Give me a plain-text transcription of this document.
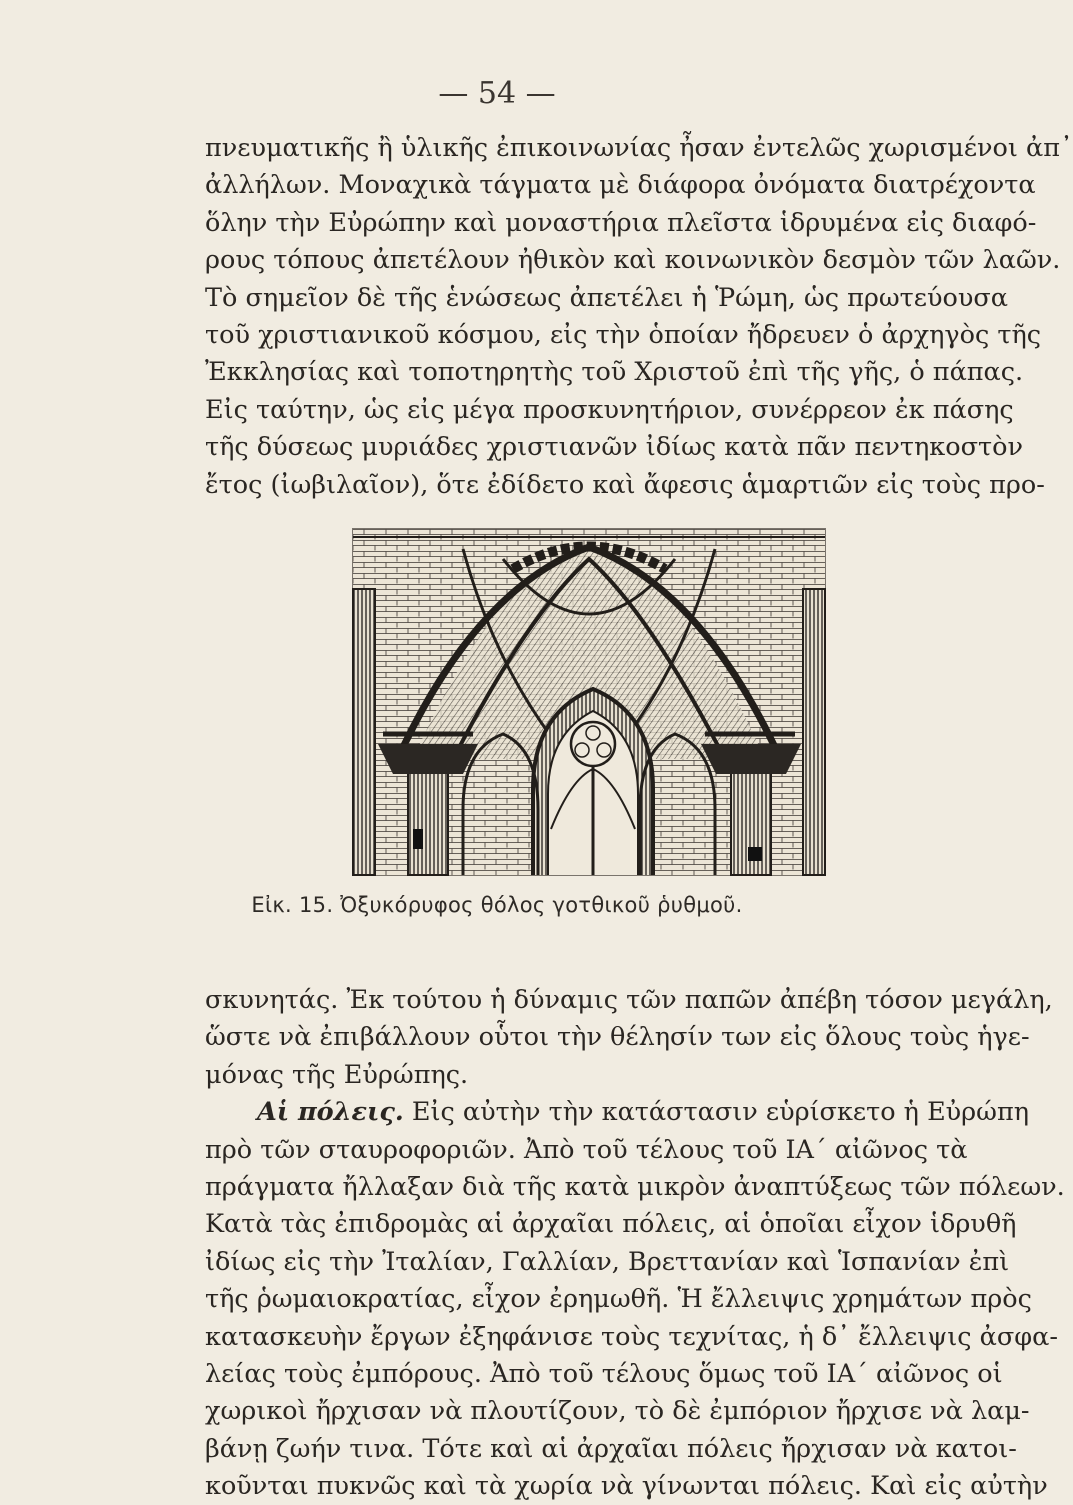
— 54 —
πνευματικῆς ἢ ὑλικῆς ἐπικοινωνίας ἦσαν ἐντελῶς χωρισμένοι ἀπ᾿
ἀλλήλων. Μοναχικὰ τάγματα μὲ διάφορα ὀνόματα διατρέχοντα
ὅλην τὴν Εὐρώπην καὶ μοναστήρια πλεῖστα ἱδρυμένα εἰς διαφό-
ρους τόπους ἀπετέλουν ἠθικὸν καὶ κοινωνικὸν δεσμὸν τῶν λαῶν.
Τὸ σημεῖον δὲ τῆς ἑνώσεως ἀπετέλει ἡ Ῥώμη, ὡς πρωτεύουσα
τοῦ χριστιανικοῦ κόσμου, εἰς τὴν ὁποίαν ἤδρευεν ὁ ἀρχηγὸς τῆς
Ἐκκλησίας καὶ τοποτηρητὴς τοῦ Χριστοῦ ἐπὶ τῆς γῆς, ὁ πάπας.
Εἰς ταύτην, ὡς εἰς μέγα προσκυνητήριον, συνέρρεον ἐκ πάσης
τῆς δύσεως μυριάδες χριστιανῶν ἰδίως κατὰ πᾶν πεντηκοστὸν
ἔτος (ἰωβιλαῖον), ὅτε ἐδίδετο καὶ ἄφεσις ἁμαρτιῶν εἰς τοὺς προ-
Εἰκ. 15. Ὀξυκόρυφος θόλος γοτθικοῦ ῥυθμοῦ.
σκυνητάς. Ἐκ τούτου ἡ δύναμις τῶν παπῶν ἀπέβη τόσον μεγάλη,
ὥστε νὰ ἐπιβάλλουν οὗτοι τὴν θέλησίν των εἰς ὅλους τοὺς ἡγε-
μόνας τῆς Εὐρώπης.
Αἱ πόλεις. Εἰς αὐτὴν τὴν κατάστασιν εὑρίσκετο ἡ Εὐρώπη
πρὸ τῶν σταυροφοριῶν. Ἀπὸ τοῦ τέλους τοῦ ΙΑ΄ αἰῶνος τὰ
πράγματα ἤλλαξαν διὰ τῆς κατὰ μικρὸν ἀναπτύξεως τῶν πόλεων.
Κατὰ τὰς ἐπιδρομὰς αἱ ἀρχαῖαι πόλεις, αἱ ὁποῖαι εἶχον ἱδρυθῆ
ἰδίως εἰς τὴν Ἰταλίαν, Γαλλίαν, Βρεττανίαν καὶ Ἱσπανίαν ἐπὶ
τῆς ῥωμαιοκρατίας, εἶχον ἐρημωθῆ. Ἡ ἔλλειψις χρημάτων πρὸς
κατασκευὴν ἔργων ἐξηφάνισε τοὺς τεχνίτας, ἡ δ᾿ ἔλλειψις ἀσφα-
λείας τοὺς ἐμπόρους. Ἀπὸ τοῦ τέλους ὅμως τοῦ ΙΑ΄ αἰῶνος οἱ
χωρικοὶ ἤρχισαν νὰ πλουτίζουν, τὸ δὲ ἐμπόριον ἤρχισε νὰ λαμ-
βάνῃ ζωήν τινα. Τότε καὶ αἱ ἀρχαῖαι πόλεις ἤρχισαν νὰ κατοι-
κοῦνται πυκνῶς καὶ τὰ χωρία νὰ γίνωνται πόλεις. Καὶ εἰς αὐτὴν
